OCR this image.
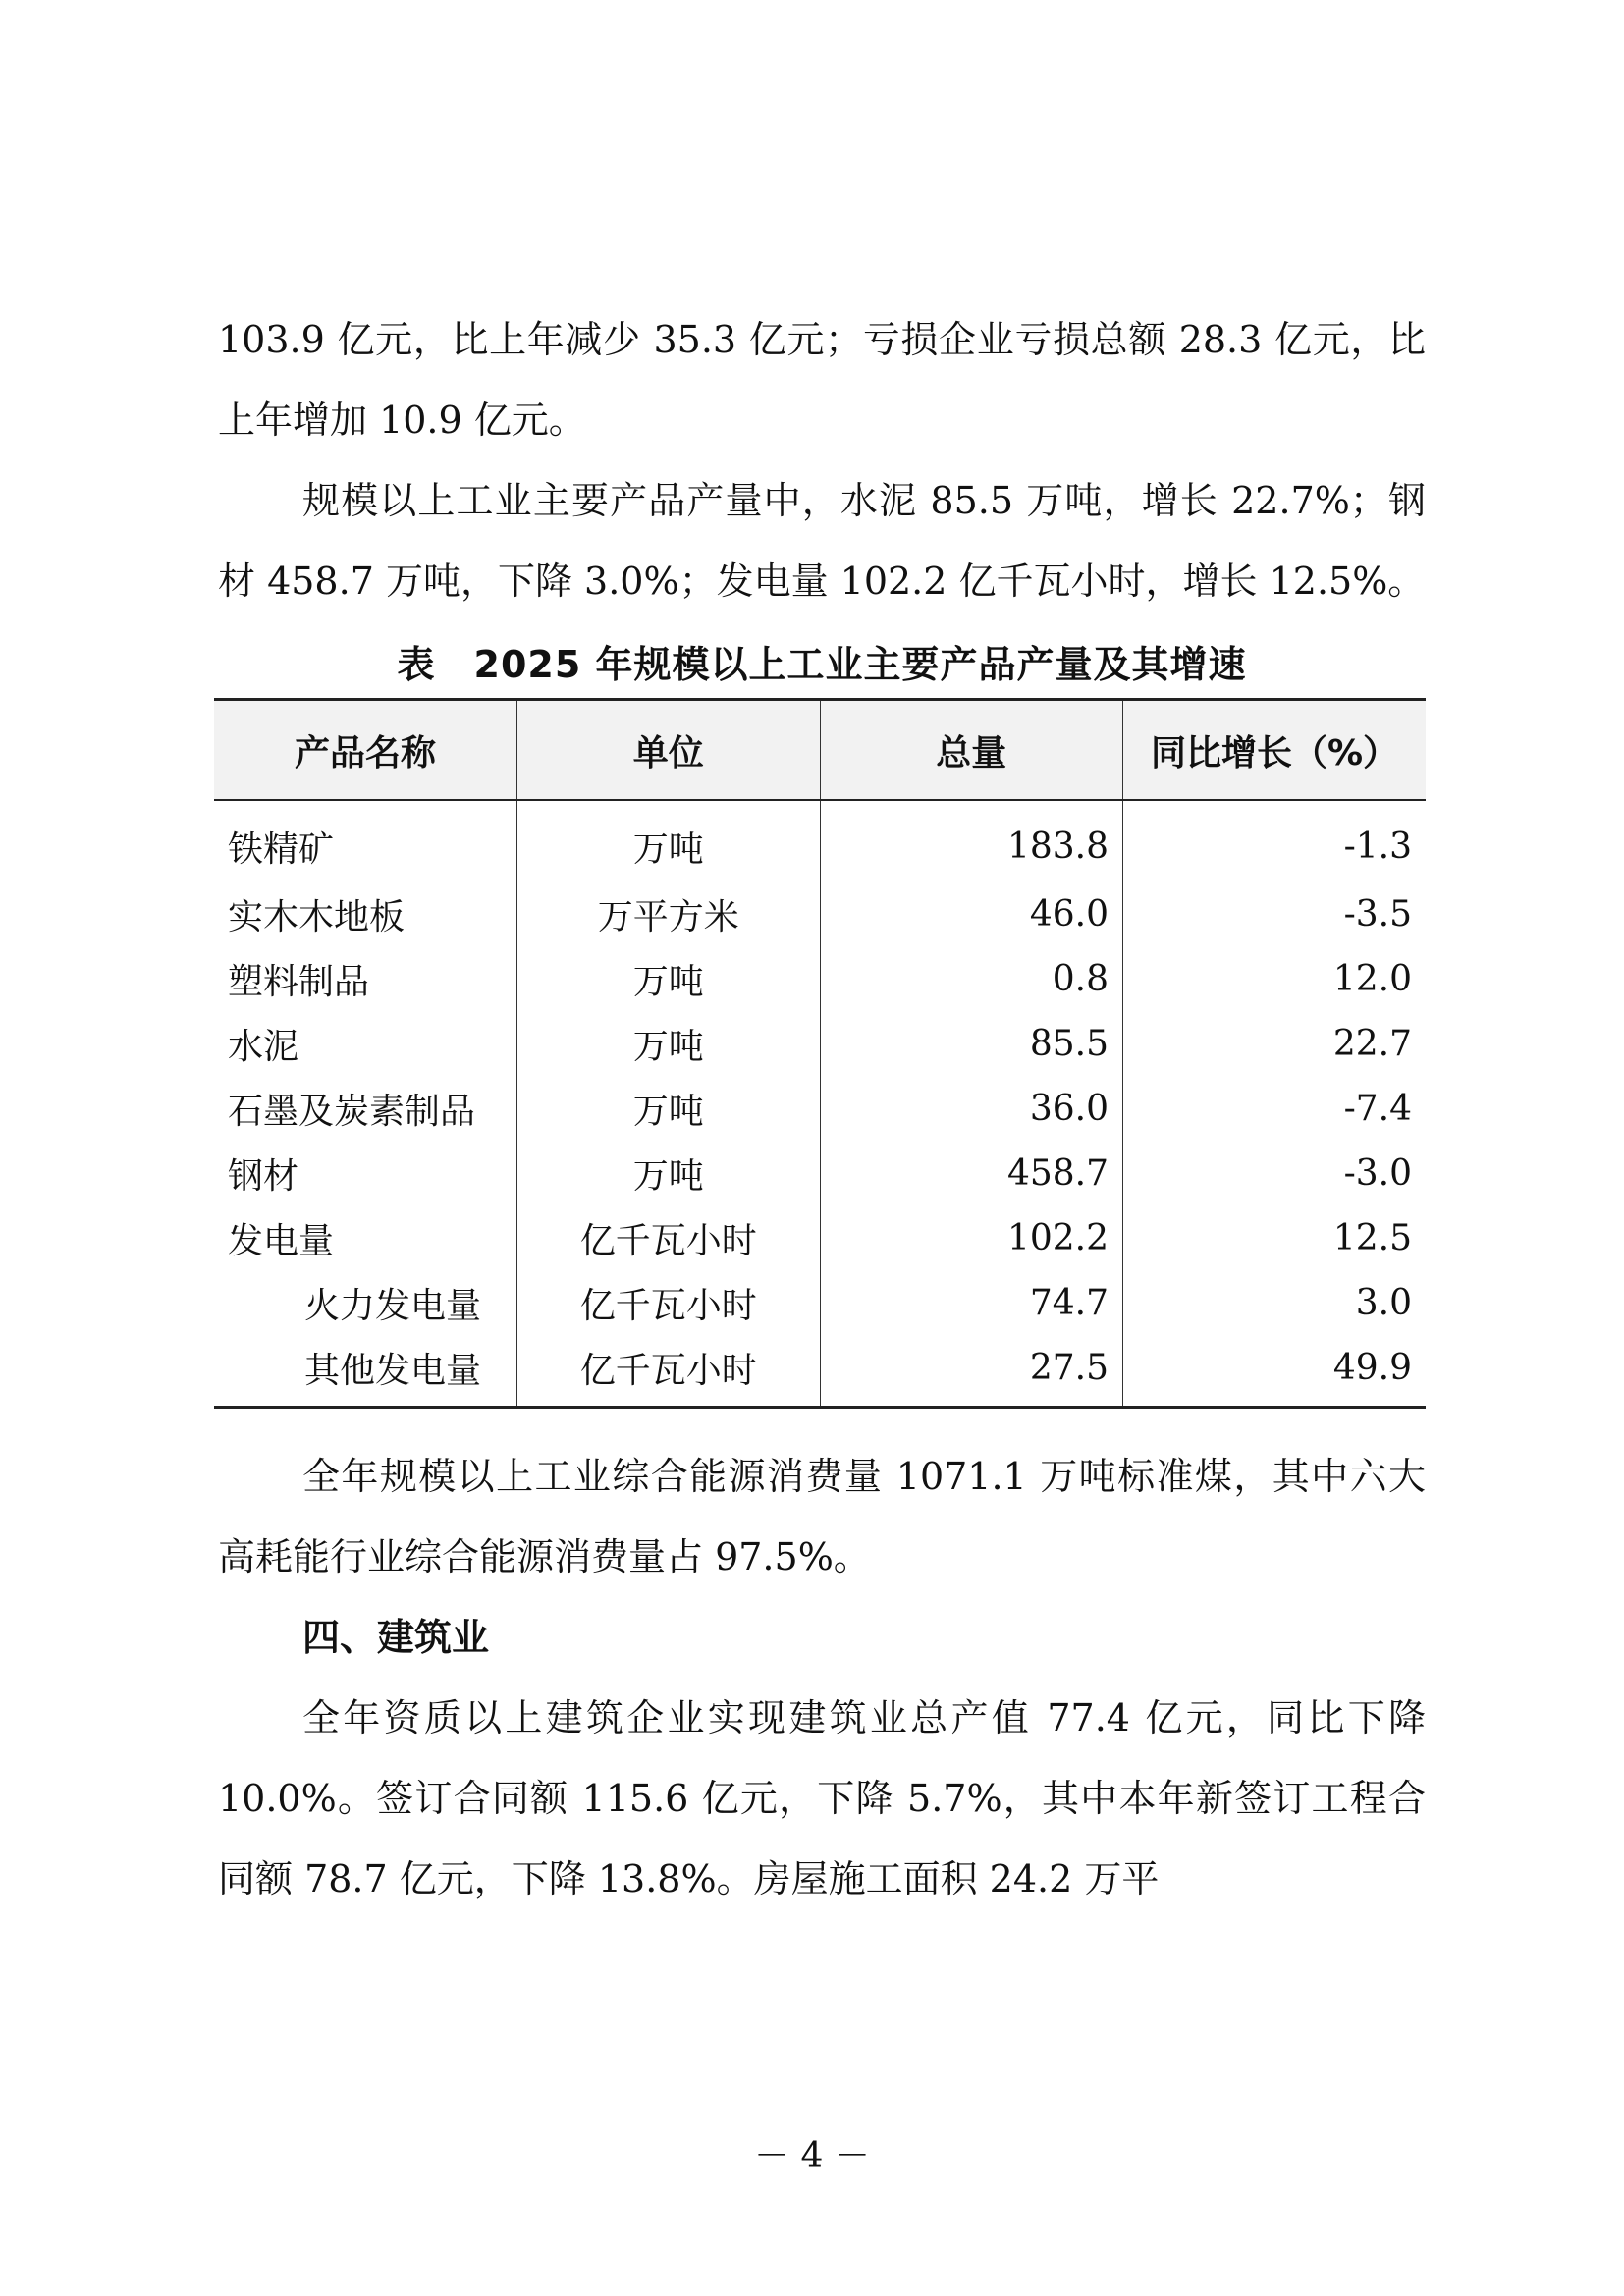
103.9 亿元，比上年减少 35.3 亿元；亏损企业亏损总额 28.3 亿元，比上年增加 10.9 亿元。

规模以上工业主要产品产量中，水泥 85.5 万吨，增长 22.7%；钢材 458.7 万吨，下降 3.0%；发电量 102.2 亿千瓦小时，增长 12.5%。

表　2025 年规模以上工业主要产品产量及其增速
产品名称	单位	总量	同比增长（%）
铁精矿	万吨	183.8	-1.3
实木木地板	万平方米	46.0	-3.5
塑料制品	万吨	0.8	12.0
水泥	万吨	85.5	22.7
石墨及炭素制品	万吨	36.0	-7.4
钢材	万吨	458.7	-3.0
发电量	亿千瓦小时	102.2	12.5
火力发电量	亿千瓦小时	74.7	3.0
其他发电量	亿千瓦小时	27.5	49.9

全年规模以上工业综合能源消费量 1071.1 万吨标准煤，其中六大高耗能行业综合能源消费量占 97.5%。

四、建筑业

全年资质以上建筑企业实现建筑业总产值 77.4 亿元，同比下降 10.0%。签订合同额 115.6 亿元，下降 5.7%，其中本年新签订工程合同额 78.7 亿元，下降 13.8%。房屋施工面积 24.2 万平

－ 4 －
